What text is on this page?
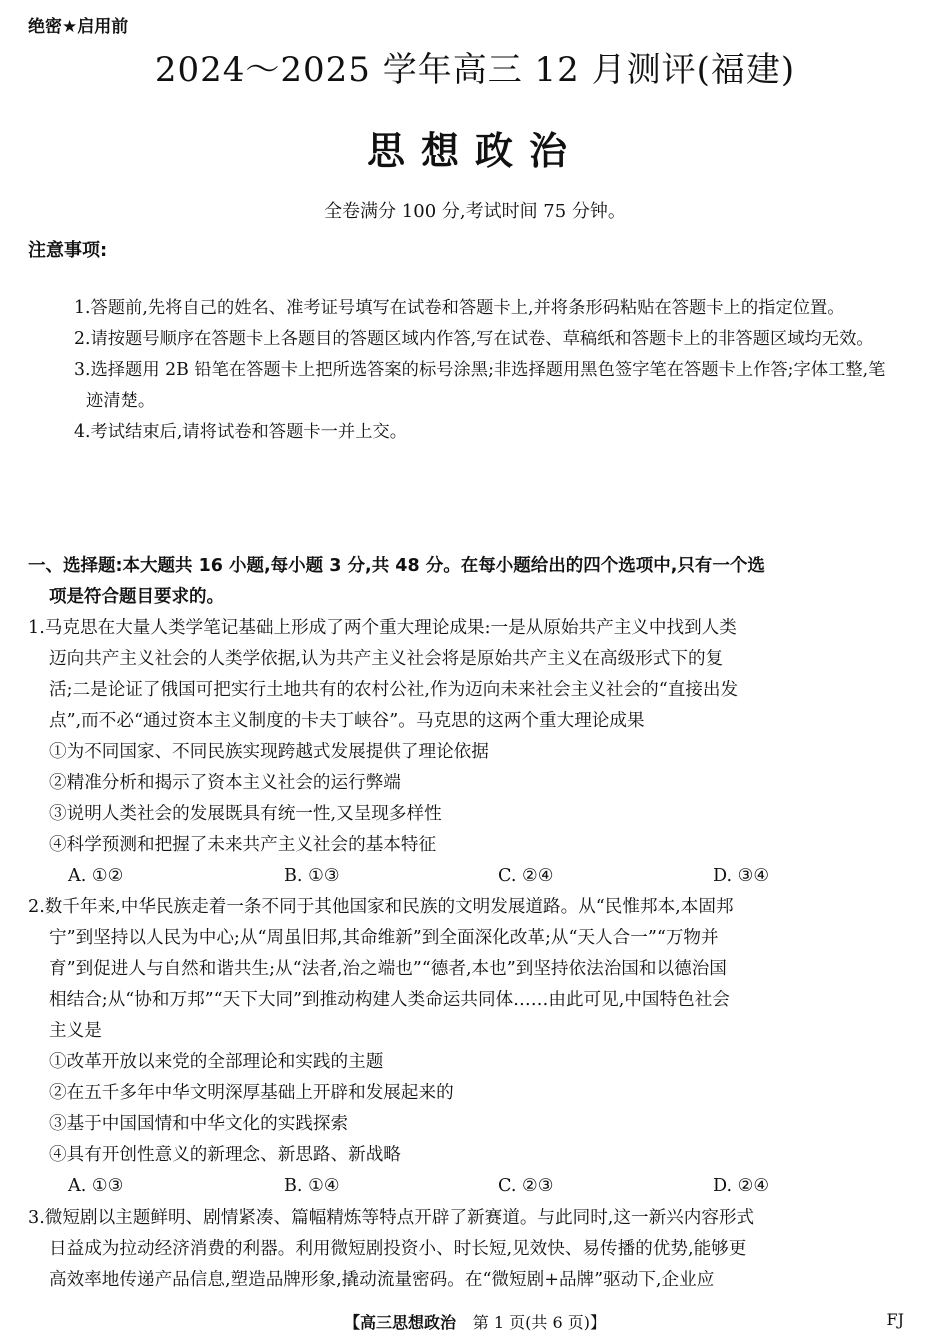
绝密★启用前
2024～2025 学年高三 12 月测评(福建)
思想政治
全卷满分 100 分,考试时间 75 分钟。
注意事项:
1.答题前,先将自己的姓名、准考证号填写在试卷和答题卡上,并将条形码粘贴在答题卡上的指定位置。
2.请按题号顺序在答题卡上各题目的答题区域内作答,写在试卷、草稿纸和答题卡上的非答题区域均无效。
3.选择题用 2B 铅笔在答题卡上把所选答案的标号涂黑;非选择题用黑色签字笔在答题卡上作答;字体工整,笔迹清楚。
4.考试结束后,请将试卷和答题卡一并上交。
一、选择题:本大题共 16 小题,每小题 3 分,共 48 分。在每小题给出的四个选项中,只有一个选
项是符合题目要求的。
1.马克思在大量人类学笔记基础上形成了两个重大理论成果:一是从原始共产主义中找到人类
迈向共产主义社会的人类学依据,认为共产主义社会将是原始共产主义在高级形式下的复
活;二是论证了俄国可把实行土地共有的农村公社,作为迈向未来社会主义社会的“直接出发
点”,而不必“通过资本主义制度的卡夫丁峡谷”。马克思的这两个重大理论成果
①为不同国家、不同民族实现跨越式发展提供了理论依据
②精准分析和揭示了资本主义社会的运行弊端
③说明人类社会的发展既具有统一性,又呈现多样性
④科学预测和把握了未来共产主义社会的基本特征
A. ①②	B. ①③	C. ②④	D. ③④
2.数千年来,中华民族走着一条不同于其他国家和民族的文明发展道路。从“民惟邦本,本固邦
宁”到坚持以人民为中心;从“周虽旧邦,其命维新”到全面深化改革;从“天人合一”“万物并
育”到促进人与自然和谐共生;从“法者,治之端也”“德者,本也”到坚持依法治国和以德治国
相结合;从“协和万邦”“天下大同”到推动构建人类命运共同体……由此可见,中国特色社会
主义是
①改革开放以来党的全部理论和实践的主题
②在五千多年中华文明深厚基础上开辟和发展起来的
③基于中国国情和中华文化的实践探索
④具有开创性意义的新理念、新思路、新战略
A. ①③	B. ①④	C. ②③	D. ②④
3.微短剧以主题鲜明、剧情紧凑、篇幅精炼等特点开辟了新赛道。与此同时,这一新兴内容形式
日益成为拉动经济消费的利器。利用微短剧投资小、时长短,见效快、易传播的优势,能够更
高效率地传递产品信息,塑造品牌形象,撬动流量密码。在“微短剧+品牌”驱动下,企业应
【高三思想政治 第 1 页(共 6 页)】	FJ
